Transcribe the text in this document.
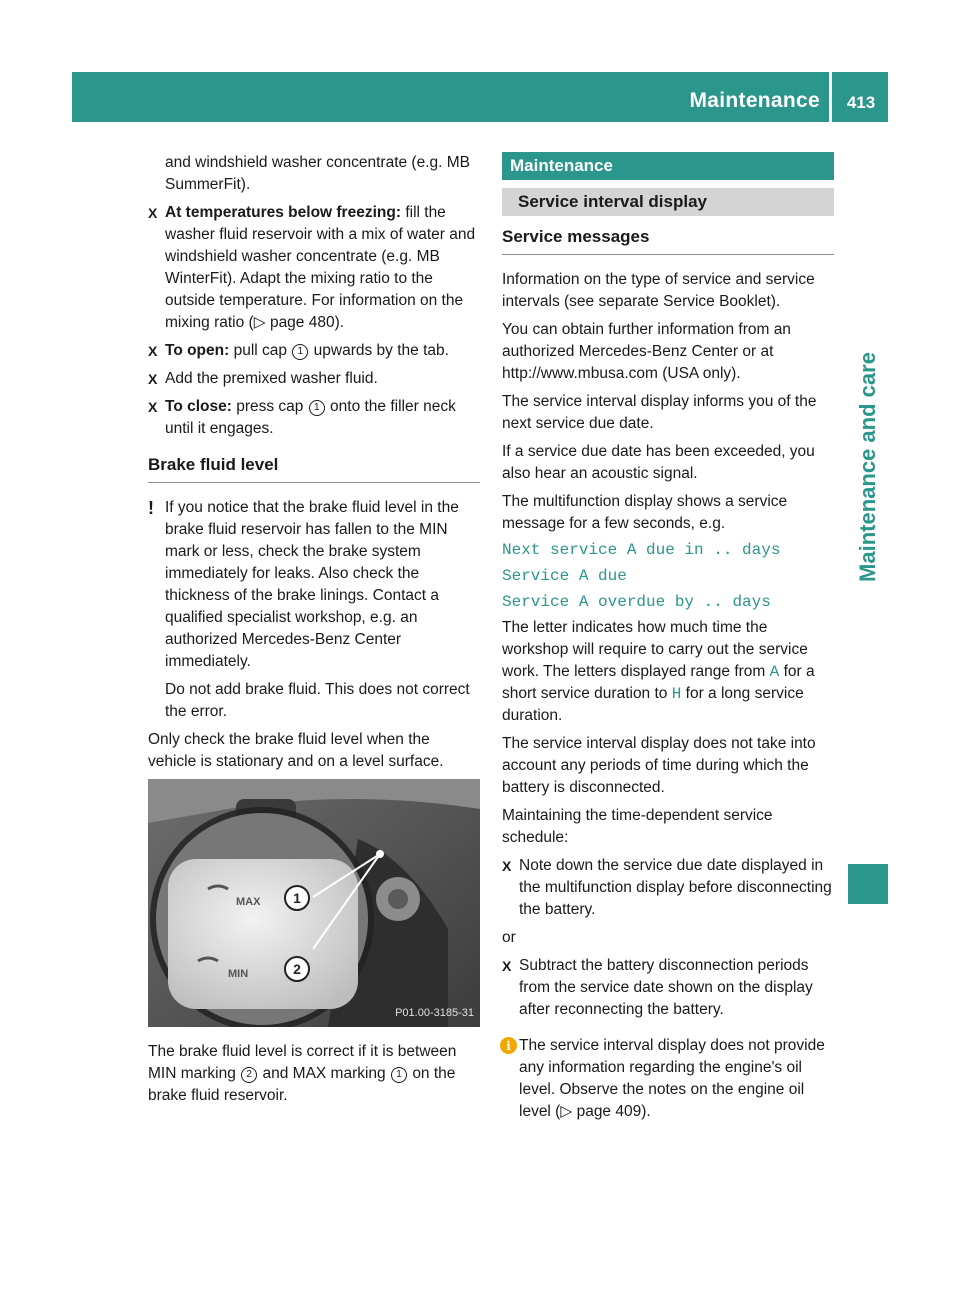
Maintenance	413
Maintenance and care

and windshield washer concentrate (e.g. MB SummerFit).

X At temperatures below freezing: fill the washer fluid reservoir with a mix of water and windshield washer concentrate (e.g. MB WinterFit). Adapt the mixing ratio to the outside temperature. For information on the mixing ratio (▷ page 480).
X To open: pull cap 1 upwards by the tab.
X Add the premixed washer fluid.
X To close: press cap 1 onto the filler neck until it engages.
Brake fluid level
! If you notice that the brake fluid level in the brake fluid reservoir has fallen to the MIN mark or less, check the brake system immediately for leaks. Also check the thickness of the brake linings. Contact a qualified specialist workshop, e.g. an authorized Mercedes-Benz Center immediately.

Do not add brake fluid. This does not correct the error.

Only check the brake fluid level when the vehicle is stationary and on a level surface.

MAX
MIN
1
2
P01.00-3185-31

The brake fluid level is correct if it is between MIN marking 2 and MAX marking 1 on the brake fluid reservoir.

Maintenance
Service interval display
Service messages

Information on the type of service and service intervals (see separate Service Booklet).

You can obtain further information from an authorized Mercedes-Benz Center or at http://www.mbusa.com (USA only).

The service interval display informs you of the next service due date.

If a service due date has been exceeded, you also hear an acoustic signal.

The multifunction display shows a service message for a few seconds, e.g.

Next service A due in .. days
Service A due
Service A overdue by .. days

The letter indicates how much time the workshop will require to carry out the service work. The letters displayed range from A for a short service duration to H for a long service duration.

The service interval display does not take into account any periods of time during which the battery is disconnected.

Maintaining the time-dependent service schedule:

X Note down the service due date displayed in the multifunction display before disconnecting the battery.

or

X Subtract the battery disconnection periods from the service date shown on the display after reconnecting the battery.
i The service interval display does not provide any information regarding the engine's oil level. Observe the notes on the engine oil level (▷ page 409).
